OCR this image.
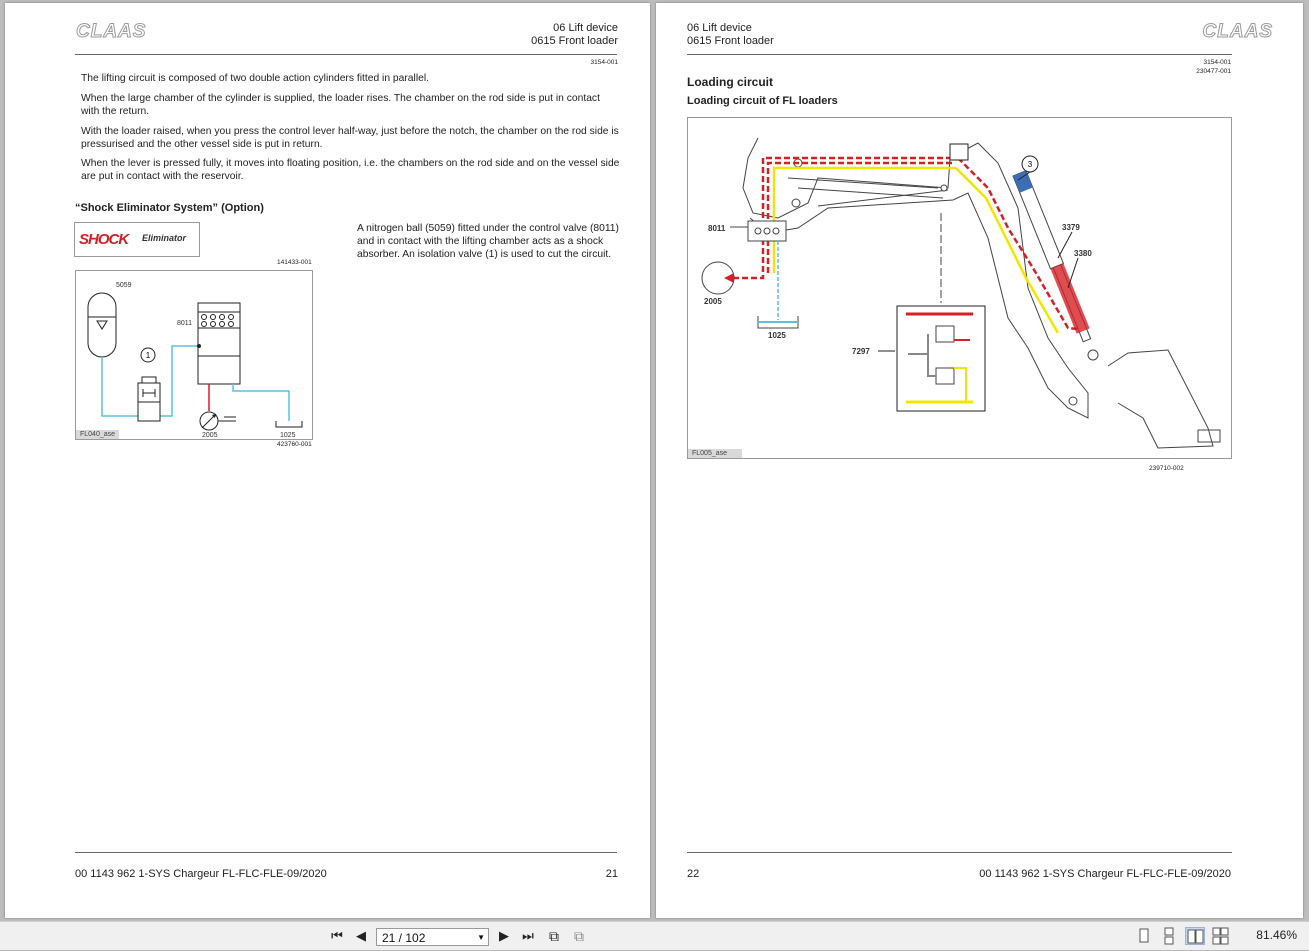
CLAAS	06 Lift device
0615 Front loader
3154-001
The lifting circuit is composed of two double action cylinders fitted in parallel.
When the large chamber of the cylinder is supplied, the loader rises. The chamber on the rod side is put in contact with the return.
With the loader raised, when you press the control lever half-way, just before the notch, the chamber on the rod side is pressurised and the other vessel side is put in return.
When the lever is pressed fully, it moves into floating position, i.e. the chambers on the rod side and on the vessel side are put in contact with the reservoir.
“Shock Eliminator System” (Option)
SHOCK Eliminator
141433-001
A nitrogen ball (5059) fitted under the control valve (8011) and in contact with the lifting chamber acts as a shock absorber. An isolation valve (1) is used to cut the circuit.
1
5059
8011
2005	1025
FL040_ase
423760-001
00 1143 962 1-SYS Chargeur FL-FLC-FLE-09/2020	21
06 Lift device
0615 Front loader	CLAAS
3154-001
230477-001
Loading circuit
Loading circuit of FL loaders
3
8011
2005
1025
3379
3380
7297
FL005_ase
239710-002
22	00 1143 962 1-SYS Chargeur FL-FLC-FLE-09/2020
⏮	◀	21 / 102	▼	▶	⏭ ⧉ ⧉	81.46%
